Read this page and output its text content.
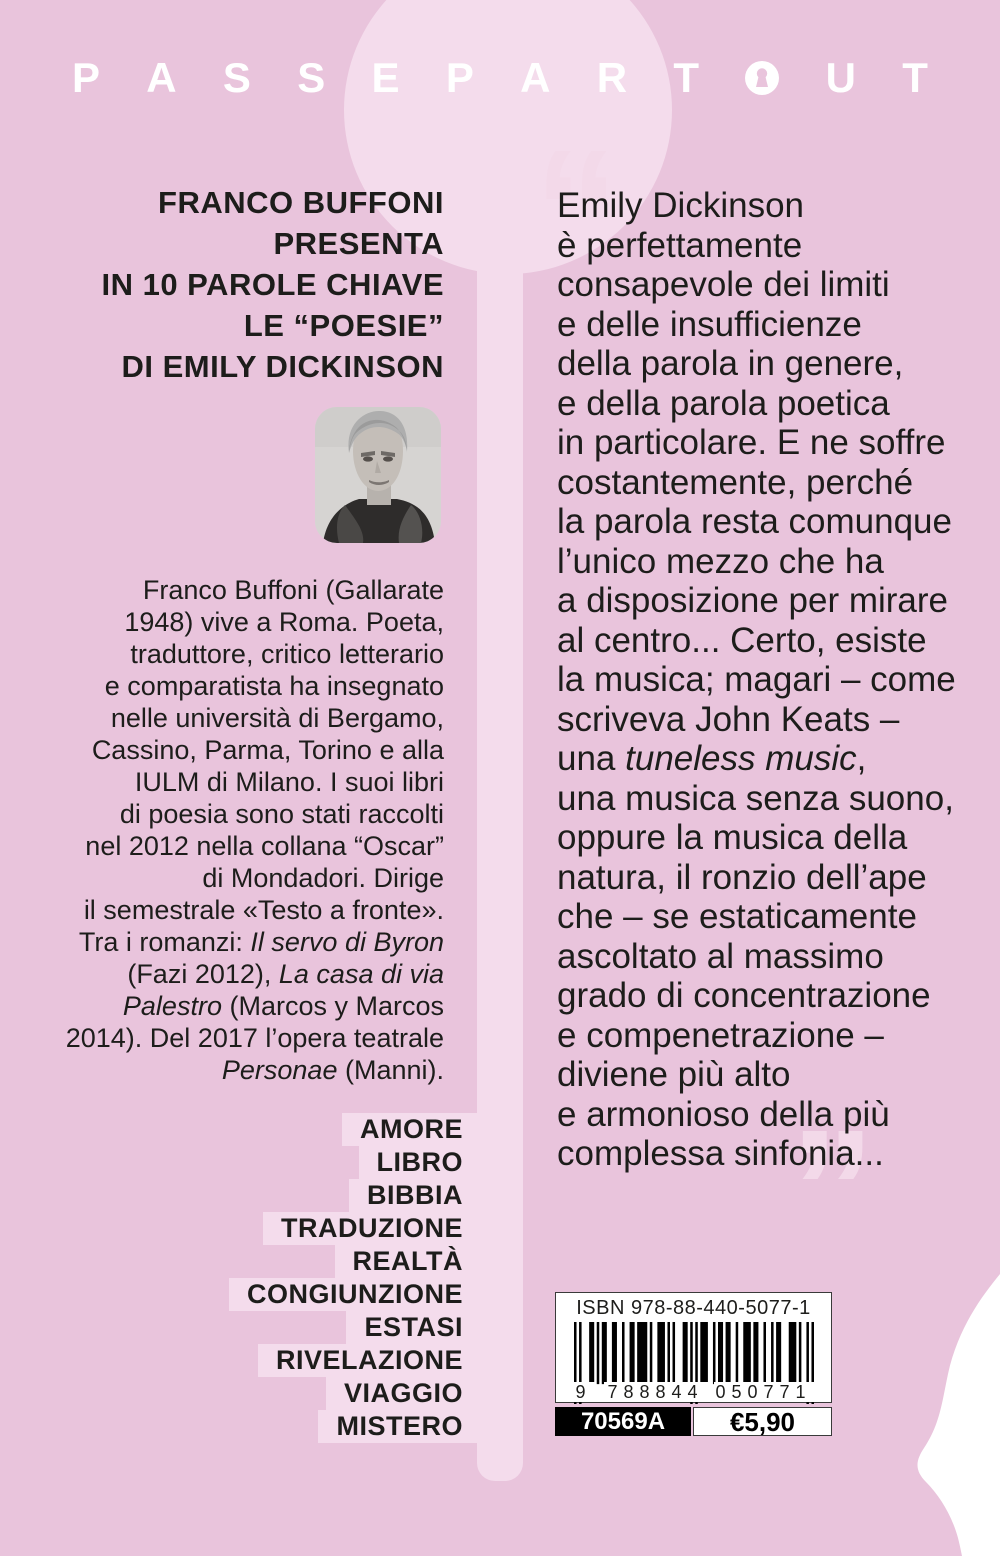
P A S S E P A R T	U T
“
”
FRANCO BUFFONI
PRESENTA
IN 10 PAROLE CHIAVE
LE “POESIE”
DI EMILY DICKINSON
Franco Buffoni (Gallarate
1948) vive a Roma. Poeta,
traduttore, critico letterario
e comparatista ha insegnato
nelle università di Bergamo,
Cassino, Parma, Torino e alla
IULM di Milano. I suoi libri
di poesia sono stati raccolti
nel 2012 nella collana “Oscar”
di Mondadori. Dirige
il semestrale «Testo a fronte».
Tra i romanzi: Il servo di Byron
(Fazi 2012), La casa di via
Palestro (Marcos y Marcos
2014). Del 2017 l’opera teatrale
Personae (Manni).
AMORE
LIBRO
BIBBIA
TRADUZIONE
REALTÀ
CONGIUNZIONE
ESTASI
RIVELAZIONE
VIAGGIO
MISTERO
Emily Dickinson
è perfettamente
consapevole dei limiti
e delle insufficienze
della parola in genere,
e della parola poetica
in particolare. E ne soffre
costantemente, perché
la parola resta comunque
l’unico mezzo che ha
a disposizione per mirare
al centro... Certo, esiste
la musica; magari – come
scriveva John Keats –
una tuneless music,
una musica senza suono,
oppure la musica della
natura, il ronzio dell’ape
che – se estaticamente
ascoltato al massimo
grado di concentrazione
e compenetrazione –
diviene più alto
e armonioso della più
complessa sinfonia...
ISBN 978-88-440-5077-1
9	788844 050771
70569A	€5,90
